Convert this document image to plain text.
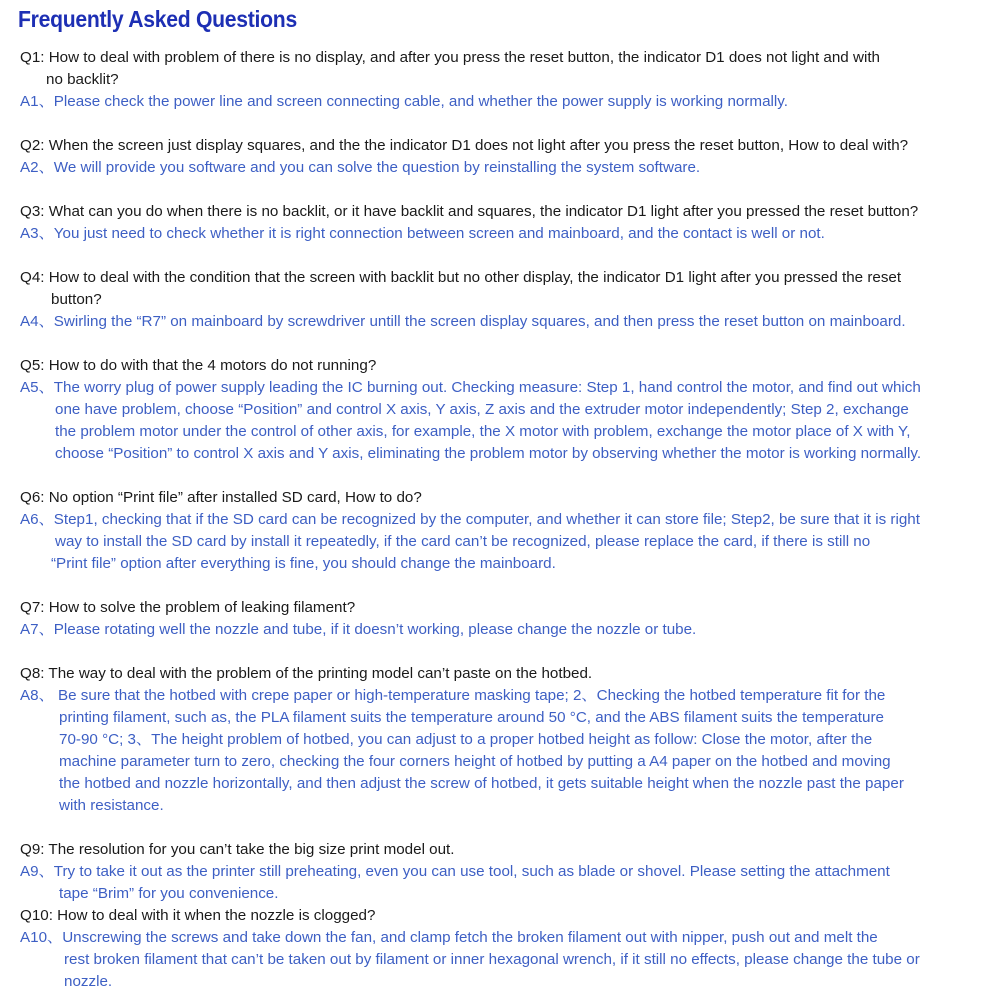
Frequently Asked Questions
Q1: How to deal with problem of there is no display, and after you press the reset button, the indicator D1 does not light and with
no backlit?
A1、Please check the power line and screen connecting cable, and whether the power supply is working normally.
Q2: When the screen just display squares, and the the indicator D1 does not light after you press the reset button, How to deal with?
A2、We will provide you software and you can solve the question by reinstalling the system software.
Q3: What can you do when there is no backlit, or it have backlit and squares, the indicator D1 light after you pressed the reset button?
A3、You just need to check whether it is right connection between screen and mainboard, and the contact is well or not.
Q4: How to deal with the condition that the screen with backlit but no other display, the indicator D1 light after you pressed the reset
button?
A4、Swirling the “R7” on mainboard by screwdriver untill the screen display squares, and then press the reset button on mainboard.
Q5: How to do with that the 4 motors do not running?
A5、The worry plug of power supply leading the IC burning out. Checking measure: Step 1, hand control the motor, and find out which
one have problem, choose “Position” and control X axis, Y axis, Z axis and the extruder motor independently; Step 2, exchange
the problem motor under the control of other axis, for example, the X motor with problem, exchange the motor place of X with Y,
choose “Position” to control X axis and Y axis, eliminating the problem motor by observing whether the motor is working normally.
Q6: No option “Print file” after installed SD card, How to do?
A6、Step1, checking that if the SD card can be recognized by the computer, and whether it can store file; Step2, be sure that it is right
way to install the SD card by install it repeatedly, if the card can’t be recognized, please replace the card, if there is still no
“Print file” option after everything is fine, you should change the mainboard.
Q7: How to solve the problem of leaking filament?
A7、Please rotating well the nozzle and tube, if it doesn’t working, please change the nozzle or tube.
Q8: The way to deal with the problem of the printing model can’t paste on the hotbed.
A8、 Be sure that the hotbed with crepe paper or high-temperature masking tape; 2、Checking the hotbed temperature fit for the
printing filament, such as, the PLA filament suits the temperature around 50 °C, and the ABS filament suits the temperature
70-90 °C; 3、The height problem of hotbed, you can adjust to a proper hotbed height as follow: Close the motor, after the
machine parameter turn to zero, checking the four corners height of hotbed by putting a A4 paper on the hotbed and moving
the hotbed and nozzle horizontally, and then adjust the screw of hotbed, it gets suitable height when the nozzle past the paper
with resistance.
Q9: The resolution for you can’t take the big size print model out.
A9、Try to take it out as the printer still preheating, even you can use tool, such as blade or shovel. Please setting the attachment
tape “Brim” for you convenience.
Q10: How to deal with it when the nozzle is clogged?
A10、Unscrewing the screws and take down the fan, and clamp fetch the broken filament out with nipper, push out and melt the
rest broken filament that can’t be taken out by filament or inner hexagonal wrench, if it still no effects, please change the tube or
nozzle.
